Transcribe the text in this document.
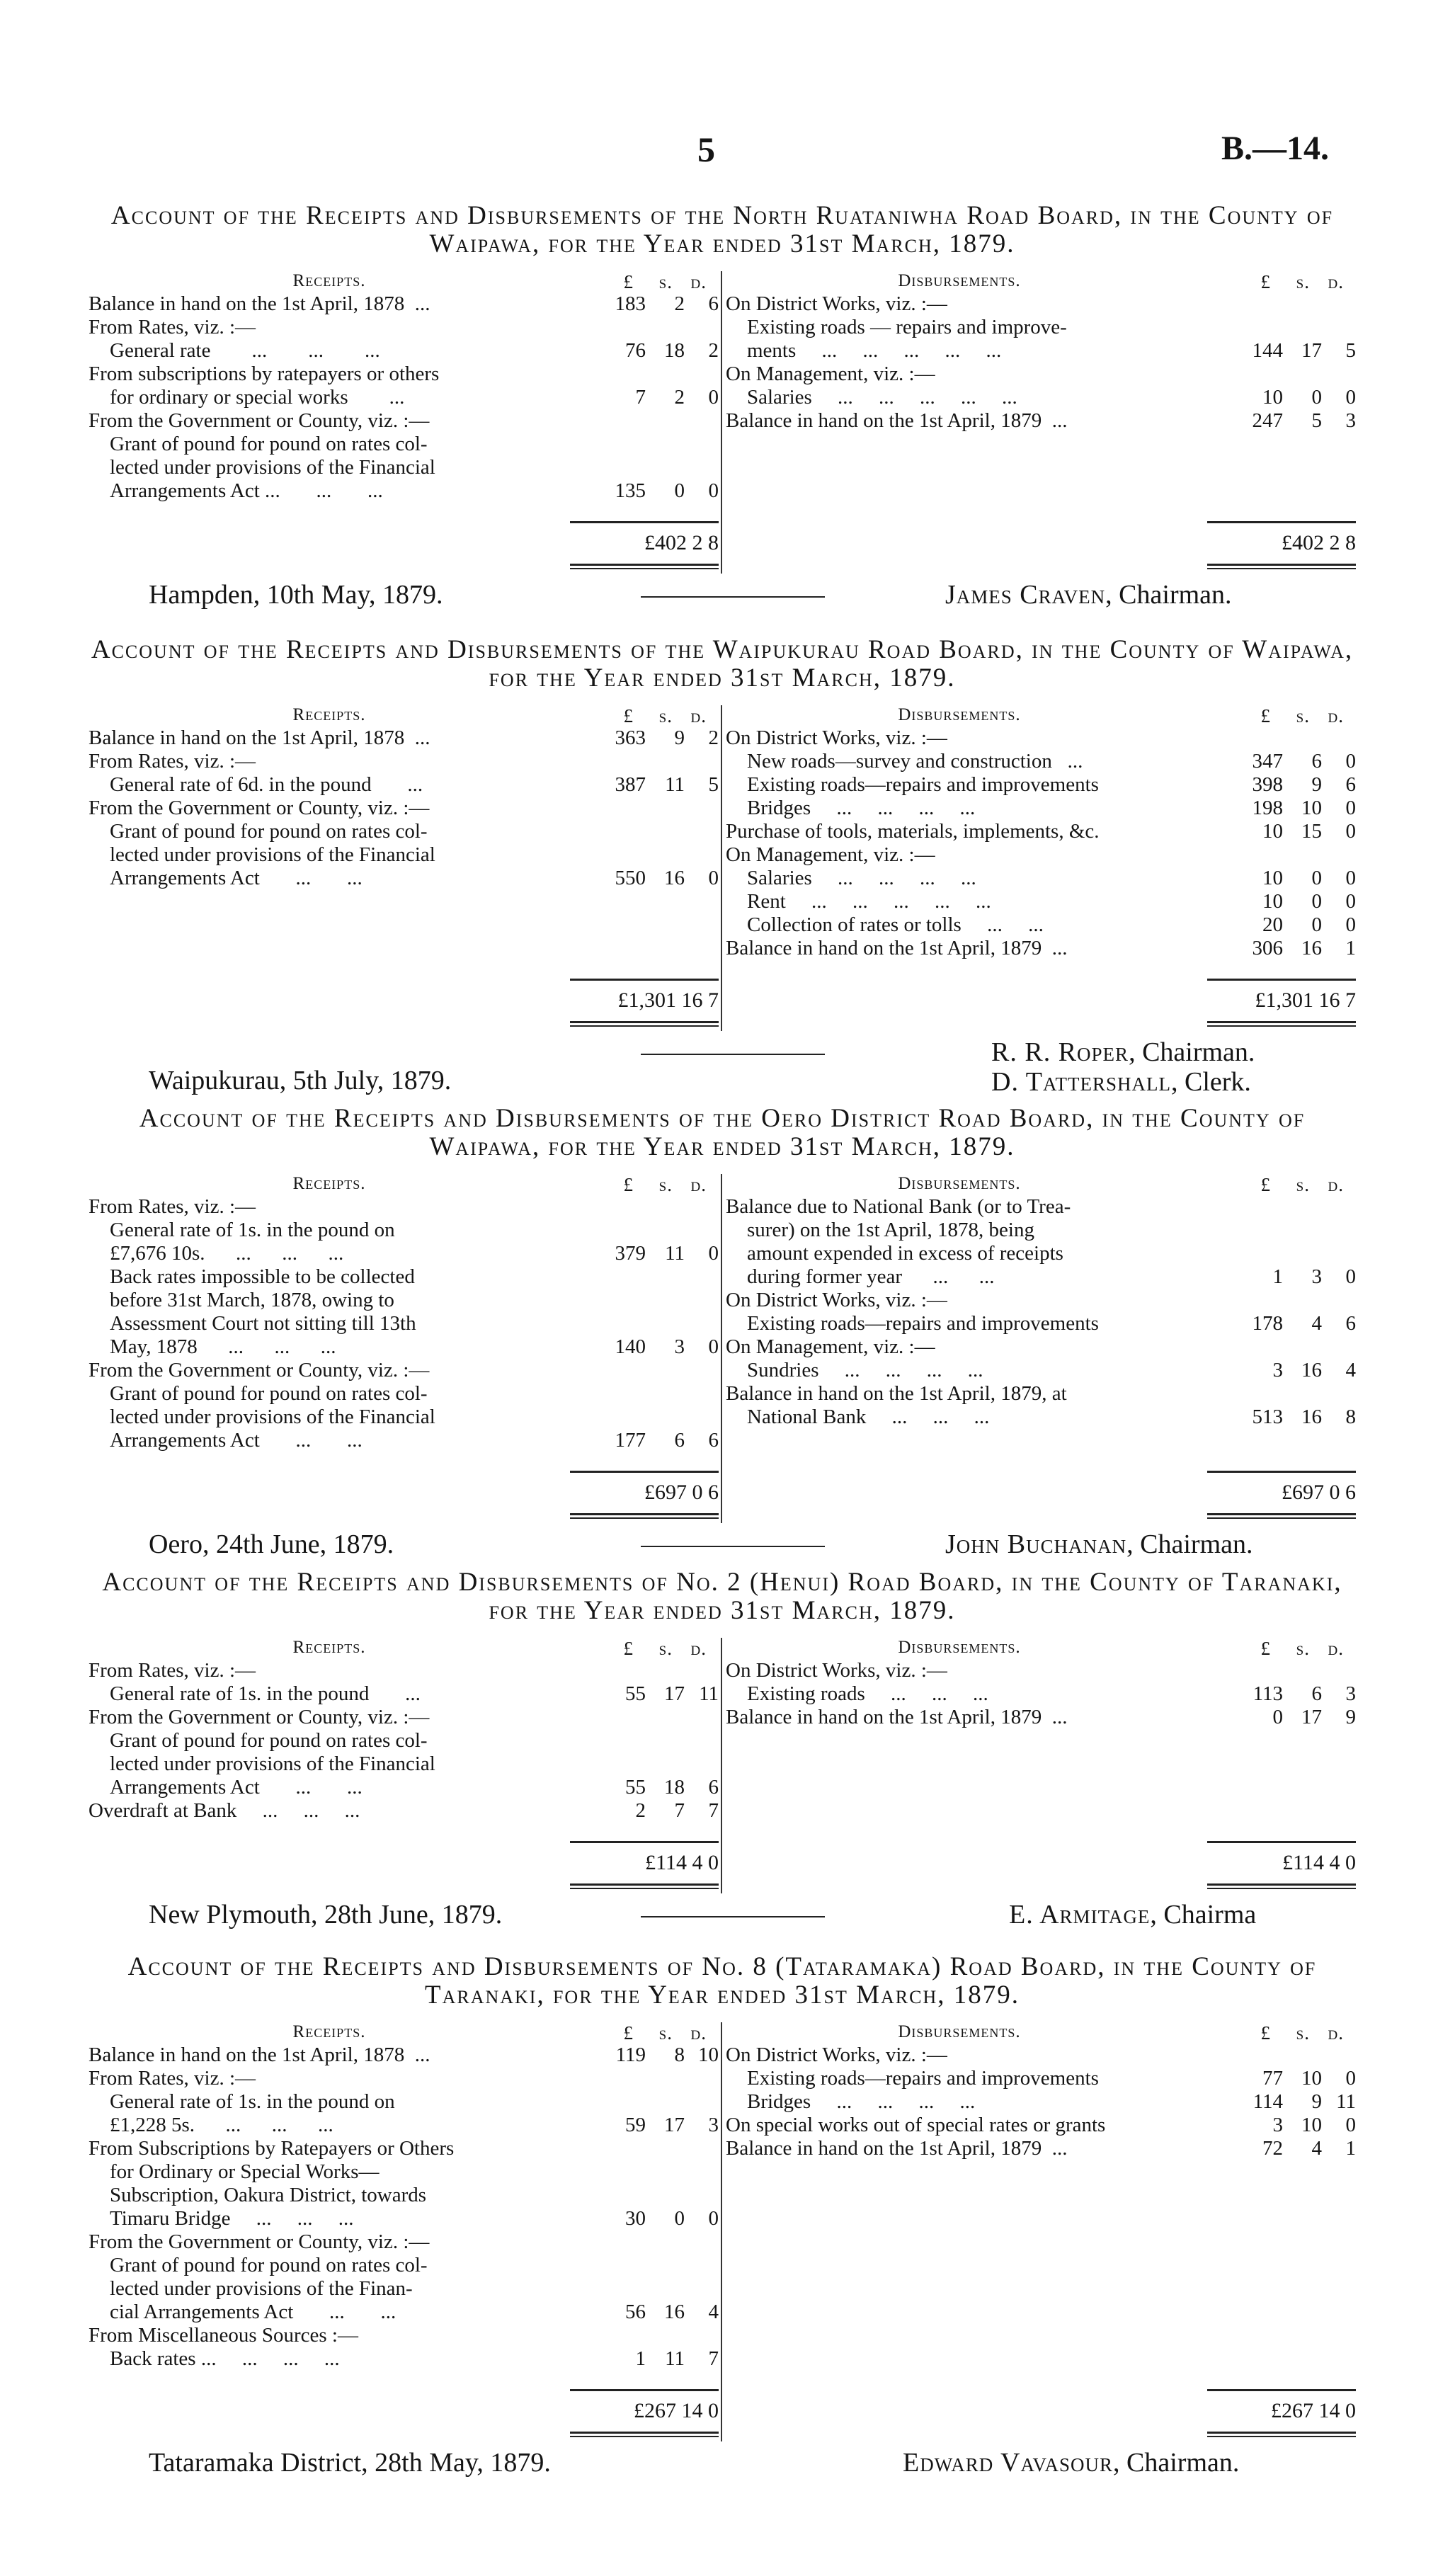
5	B.—14.

Account of the Receipts and Disbursements of the North Ruataniwha Road Board, in the County of Waipawa, for the Year ended 31st March, 1879.

Receipts.	£ s. d.
Balance in hand on the 1st April, 1878  ...	183 2 6
From Rates, viz. :—
General rate        ...        ...        ...	76 18 2
From subscriptions by ratepayers or others
for ordinary or special works        ...	7 2 0
From the Government or County, viz. :—
Grant of pound for pound on rates col-
lected under provisions of the Financial
Arrangements Act ...       ...       ...	135 0 0
Disbursements.	£ s. d.
On District Works, viz. :—
Existing roads — repairs and improve-
ments     ...     ...     ...     ...     ...	144 17 5
On Management, viz. :—
Salaries     ...     ...     ...     ...     ...	10 0 0
Balance in hand on the 1st April, 1879  ...	247 5 3
£402 2 8	£402 2 8
Hampden, 10th May, 1879.	James Craven, Chairman.

Account of the Receipts and Disbursements of the Waipukurau Road Board, in the County of Waipawa, for the Year ended 31st March, 1879.

Receipts.	£ s. d.
Balance in hand on the 1st April, 1878  ...	363 9 2
From Rates, viz. :—
General rate of 6d. in the pound       ...	387 11 5
From the Government or County, viz. :—
Grant of pound for pound on rates col-
lected under provisions of the Financial
Arrangements Act       ...       ...	550 16 0
Disbursements.	£ s. d.
On District Works, viz. :—
New roads—survey and construction   ...	347 6 0
Existing roads—repairs and improvements	398 9 6
Bridges     ...     ...     ...     ...	198 10 0
Purchase of tools, materials, implements, &c.	10 15 0
On Management, viz. :—
Salaries     ...     ...     ...     ...	10 0 0
Rent     ...     ...     ...     ...     ...	10 0 0
Collection of rates or tolls     ...     ...	20 0 0
Balance in hand on the 1st April, 1879  ...	306 16 1
£1,301 16 7	£1,301 16 7
Waipukurau, 5th July, 1879.
R. R. Roper, Chairman.
D. Tattershall, Clerk.

Account of the Receipts and Disbursements of the Oero District Road Board, in the County of Waipawa, for the Year ended 31st March, 1879.

Receipts.	£ s. d.
From Rates, viz. :—
General rate of 1s. in the pound on
£7,676 10s.      ...      ...      ...	379 11 0
Back rates impossible to be collected
before 31st March, 1878, owing to
Assessment Court not sitting till 13th
May, 1878      ...      ...      ...	140 3 0
From the Government or County, viz. :—
Grant of pound for pound on rates col-
lected under provisions of the Financial
Arrangements Act       ...       ...	177 6 6
Disbursements.	£ s. d.
Balance due to National Bank (or to Trea-
surer) on the 1st April, 1878, being
amount expended in excess of receipts
during former year      ...      ...	1 3 0
On District Works, viz. :—
Existing roads—repairs and improvements	178 4 6
On Management, viz. :—
Sundries     ...     ...     ...     ...	3 16 4
Balance in hand on the 1st April, 1879, at
National Bank     ...     ...     ...	513 16 8
£697 0 6	£697 0 6
Oero, 24th June, 1879.	John Buchanan, Chairman.

Account of the Receipts and Disbursements of No. 2 (Henui) Road Board, in the County of Taranaki, for the Year ended 31st March, 1879.

Receipts.	£ s. d.
From Rates, viz. :—
General rate of 1s. in the pound       ...	55 17 11
From the Government or County, viz. :—
Grant of pound for pound on rates col-
lected under provisions of the Financial
Arrangements Act       ...       ...	55 18 6
Overdraft at Bank     ...     ...     ...	2 7 7
Disbursements.	£ s. d.
On District Works, viz. :—
Existing roads     ...     ...     ...	113 6 3
Balance in hand on the 1st April, 1879  ...	0 17 9
£114 4 0	£114 4 0
New Plymouth, 28th June, 1879.	E. Armitage, Chairma

Account of the Receipts and Disbursements of No. 8 (Tataramaka) Road Board, in the County of Taranaki, for the Year ended 31st March, 1879.

Receipts.	£ s. d.
Balance in hand on the 1st April, 1878  ...	119 8 10
From Rates, viz. :—
General rate of 1s. in the pound on
£1,228 5s.      ...      ...      ...	59 17 3
From Subscriptions by Ratepayers or Others
for Ordinary or Special Works—
Subscription, Oakura District, towards
Timaru Bridge     ...     ...     ...	30 0 0
From the Government or County, viz. :—
Grant of pound for pound on rates col-
lected under provisions of the Finan-
cial Arrangements Act       ...       ...	56 16 4
From Miscellaneous Sources :—
Back rates ...     ...     ...     ...	1 11 7
Disbursements.	£ s. d.
On District Works, viz. :—
Existing roads—repairs and improvements	77 10 0
Bridges     ...     ...     ...     ...	114 9 11
On special works out of special rates or grants	3 10 0
Balance in hand on the 1st April, 1879  ...	72 4 1
£267 14 0	£267 14 0
Tataramaka District, 28th May, 1879.	Edward Vavasour, Chairman.
